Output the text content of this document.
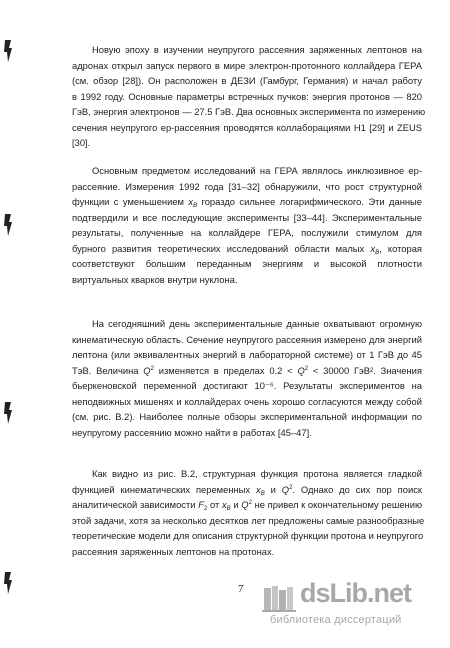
Новую эпоху в изучении неупругого рассеяния заряженных лептонов на
адронах открыл запуск первого в мире электрон-протонного коллайдера ГЕРА
(см. обзор [28]). Он расположен в ДЕЗИ (Гамбург, Германия) и начал работу
в 1992 году. Основные параметры встречных пучков: энергия протонов — 820
ГэВ, энергия электронов — 27.5 ГэВ. Два основных эксперимента по измерению
сечения неупругого ер-рассеяния проводятся коллаборациями H1 [29] и ZEUS
[30].
Основным предметом исследований на ГЕРА являлось инклюзивное ер-
рассеяние. Измерения 1992 года [31–32] обнаружили, что рост структурной
функции с уменьшением $x_B$ гораздо сильнее логарифмического. Эти данные
подтвердили и все последующие эксперименты [33–44]. Экспериментальные
результаты, полученные на коллайдере ГЕРА, послужили стимулом для
бурного развития теоретических исследований области малых $x_B$, которая
соответствуют большим переданным энергиям и высокой плотности
виртуальных кварков внутри нуклона.
На сегодняшний день экспериментальные данные охватывают огромную
кинематическую область. Сечение неупругого рассеяния измерено для энергий
лептона (или эквивалентных энергий в лабораторной системе) от 1 ГэВ до 45
ТэВ. Величина $Q^2$ изменяется в пределах $0.2 < Q^2 < 30000$ ГэВ². Значения
бьеркеновской переменной достигают 10⁻⁶. Результаты экспериментов на
неподвижных мишенях и коллайдерах очень хорошо согласуются между собой
(см. рис. В.2). Наиболее полные обзоры экспериментальной информации по
неупругому рассеянию можно найти в работах [45–47].
Как видно из рис. В.2, структурная функция протона является гладкой
функцией кинематических переменных $x_B$ и $Q^2$. Однако до сих пор поиск
аналитической зависимости $F_2$ от $x_B$ и $Q^2$ не привел к окончательному решению
этой задачи, хотя за несколько десятков лет предложены самые разнообразные
теоретические модели для описания структурной функции протона и неупругого
рассеяния заряженных лептонов на протонах.
7 dsLib.net
библиотека диссертаций
